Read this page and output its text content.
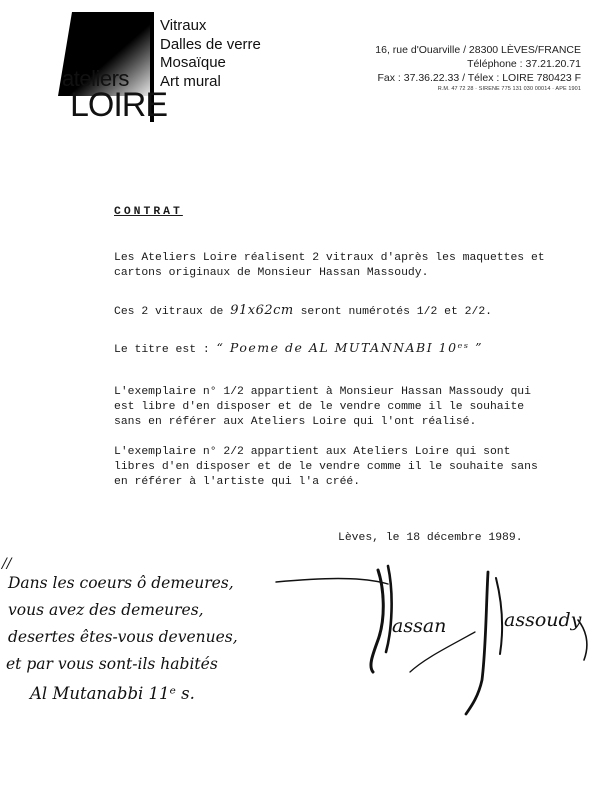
ateliers
LOIRE
Vitraux
Dalles de verre
Mosaïque
Art mural
16, rue d'Ouarville / 28300 LÈVES/FRANCE
Téléphone : 37.21.20.71
Fax : 37.36.22.33 / Télex : LOIRE 780423 F
R.M. 47 72 28 · SIRENE 775 131 030 00014 · APE 1901
CONTRAT
Les Ateliers Loire réalisent 2 vitraux d'après les maquettes et
cartons originaux de Monsieur Hassan Massoudy.
Ces 2 vitraux de 91x62cm seront numérotés 1/2 et 2/2.
Le titre est : “ Poeme de AL MUTANNABI 10ᵉˢ ”
L'exemplaire n° 1/2 appartient à Monsieur Hassan Massoudy qui
est libre d'en disposer et de le vendre comme il le souhaite
sans en référer aux Ateliers Loire qui l'ont réalisé.
L'exemplaire n° 2/2 appartient aux Ateliers Loire qui sont
libres d'en disposer et de le vendre comme il le souhaite sans
en référer à l'artiste qui l'a créé.
Lèves, le 18 décembre 1989.
//
Dans les coeurs ô demeures,
vous avez des demeures,
desertes êtes-vous devenues,
et par vous sont-ils habités
Al Mutanabbi 11ᵉ s.
assan	assoudy
